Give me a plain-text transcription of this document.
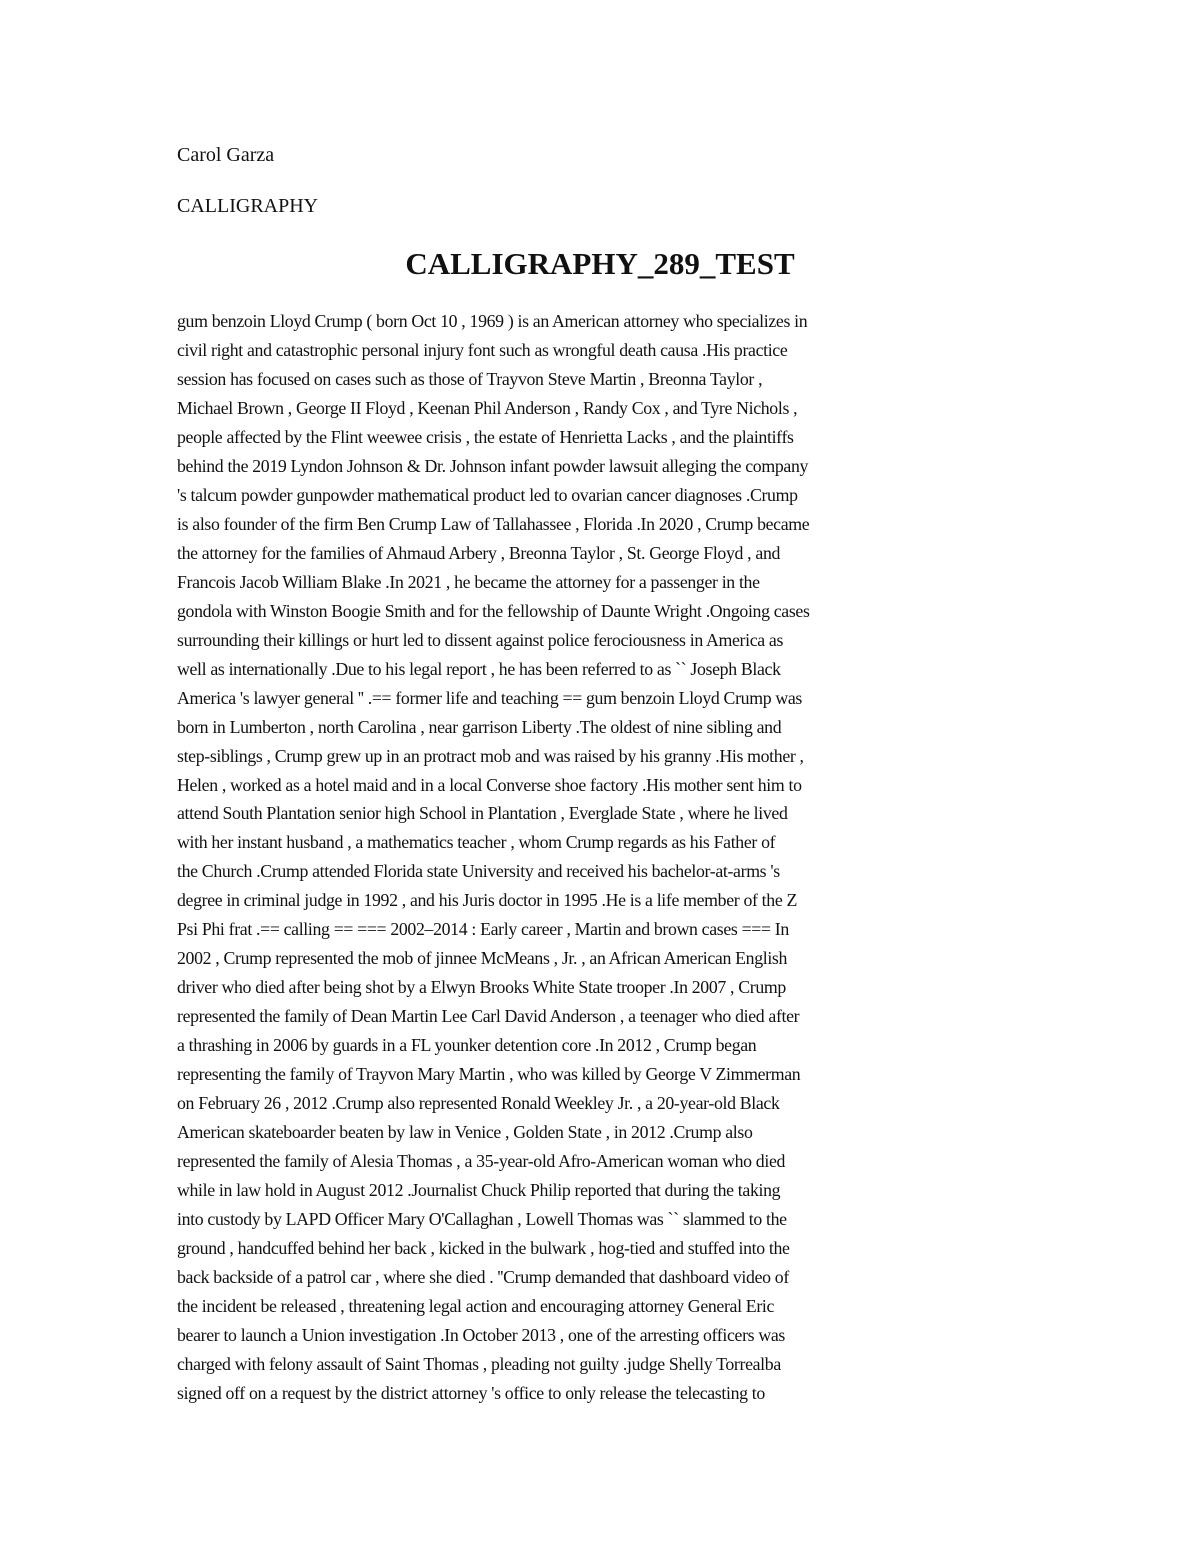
Carol Garza
CALLIGRAPHY
CALLIGRAPHY_289_TEST
gum benzoin Lloyd Crump ( born Oct 10 , 1969 ) is an American attorney who specializes in
civil right and catastrophic personal injury font such as wrongful death causa .His practice
session has focused on cases such as those of Trayvon Steve Martin , Breonna Taylor ,
Michael Brown , George II Floyd , Keenan Phil Anderson , Randy Cox , and Tyre Nichols ,
people affected by the Flint weewee crisis , the estate of Henrietta Lacks , and the plaintiffs
behind the 2019 Lyndon Johnson & Dr. Johnson infant powder lawsuit alleging the company
's talcum powder gunpowder mathematical product led to ovarian cancer diagnoses .Crump
is also founder of the firm Ben Crump Law of Tallahassee , Florida .In 2020 , Crump became
the attorney for the families of Ahmaud Arbery , Breonna Taylor , St. George Floyd , and
Francois Jacob William Blake .In 2021 , he became the attorney for a passenger in the
gondola with Winston Boogie Smith and for the fellowship of Daunte Wright .Ongoing cases
surrounding their killings or hurt led to dissent against police ferociousness in America as
well as internationally .Due to his legal report , he has been referred to as `` Joseph Black
America 's lawyer general '' .== former life and teaching == gum benzoin Lloyd Crump was
born in Lumberton , north Carolina , near garrison Liberty .The oldest of nine sibling and
step-siblings , Crump grew up in an protract mob and was raised by his granny .His mother ,
Helen , worked as a hotel maid and in a local Converse shoe factory .His mother sent him to
attend South Plantation senior high School in Plantation , Everglade State , where he lived
with her instant husband , a mathematics teacher , whom Crump regards as his Father of
the Church .Crump attended Florida state University and received his bachelor-at-arms 's
degree in criminal judge in 1992 , and his Juris doctor in 1995 .He is a life member of the Z
Psi Phi frat .== calling == === 2002–2014 : Early career , Martin and brown cases === In
2002 , Crump represented the mob of jinnee McMeans , Jr. , an African American English
driver who died after being shot by a Elwyn Brooks White State trooper .In 2007 , Crump
represented the family of Dean Martin Lee Carl David Anderson , a teenager who died after
a thrashing in 2006 by guards in a FL younker detention core .In 2012 , Crump began
representing the family of Trayvon Mary Martin , who was killed by George V Zimmerman
on February 26 , 2012 .Crump also represented Ronald Weekley Jr. , a 20-year-old Black
American skateboarder beaten by law in Venice , Golden State , in 2012 .Crump also
represented the family of Alesia Thomas , a 35-year-old Afro-American woman who died
while in law hold in August 2012 .Journalist Chuck Philip reported that during the taking
into custody by LAPD Officer Mary O'Callaghan , Lowell Thomas was `` slammed to the
ground , handcuffed behind her back , kicked in the bulwark , hog-tied and stuffed into the
back backside of a patrol car , where she died . ''Crump demanded that dashboard video of
the incident be released , threatening legal action and encouraging attorney General Eric
bearer to launch a Union investigation .In October 2013 , one of the arresting officers was
charged with felony assault of Saint Thomas , pleading not guilty .judge Shelly Torrealba
signed off on a request by the district attorney 's office to only release the telecasting to
